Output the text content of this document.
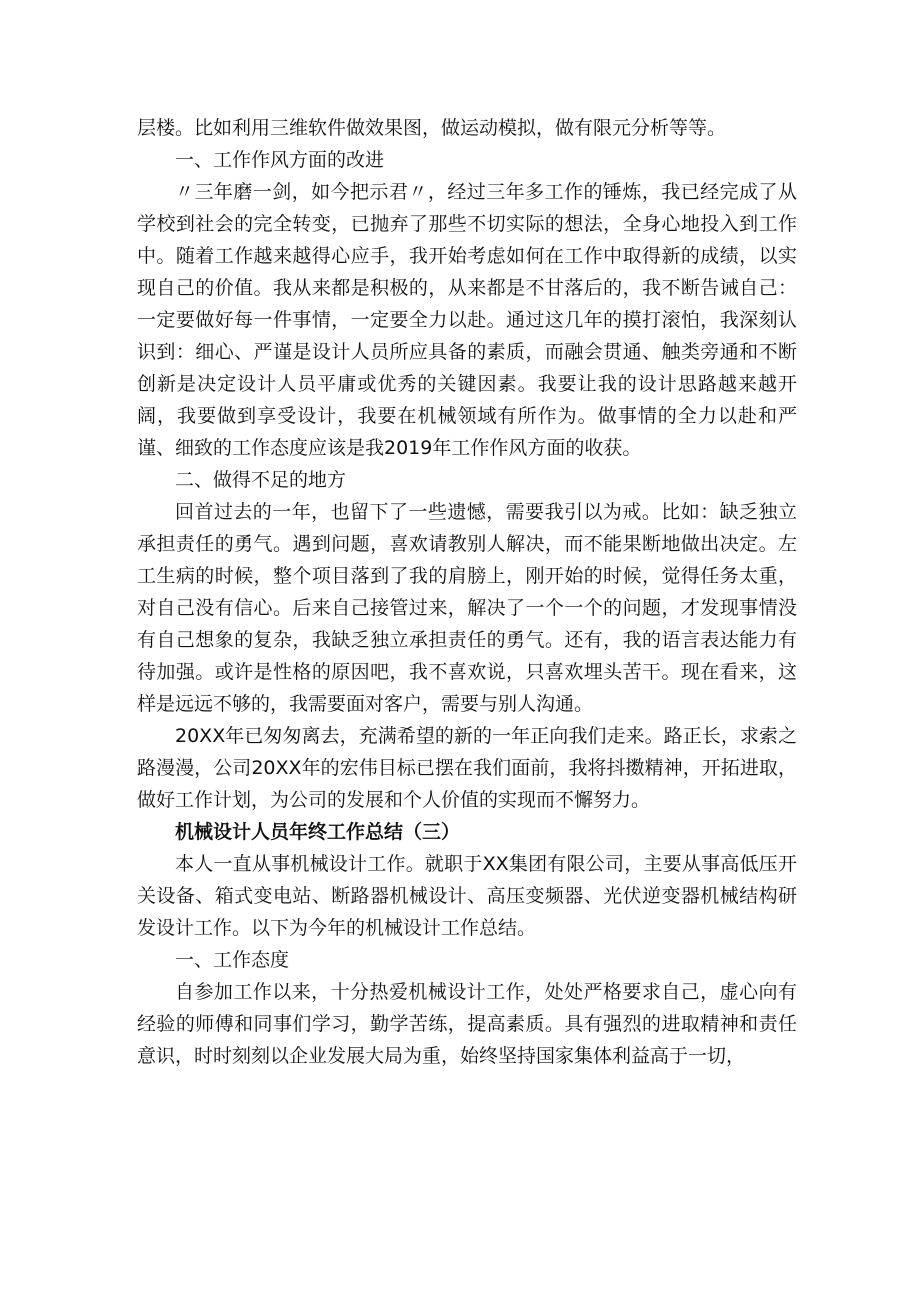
层楼。比如利用三维软件做效果图，做运动模拟，做有限元分析等等。

一、工作作风方面的改进

〃三年磨一剑，如今把示君〃，经过三年多工作的锤炼，我已经完成了从学校到社会的完全转变，已抛弃了那些不切实际的想法，全身心地投入到工作中。随着工作越来越得心应手，我开始考虑如何在工作中取得新的成绩，以实现自己的价值。我从来都是积极的，从来都是不甘落后的，我不断告诫自己：一定要做好每一件事情，一定要全力以赴。通过这几年的摸打滚怕，我深刻认识到：细心、严谨是设计人员所应具备的素质，而融会贯通、触类旁通和不断创新是决定设计人员平庸或优秀的关键因素。我要让我的设计思路越来越开阔，我要做到享受设计，我要在机械领域有所作为。做事情的全力以赴和严谨、细致的工作态度应该是我2019年工作作风方面的收获。

二、做得不足的地方

回首过去的一年，也留下了一些遗憾，需要我引以为戒。比如：缺乏独立承担责任的勇气。遇到问题，喜欢请教别人解决，而不能果断地做出决定。左工生病的时候，整个项目落到了我的肩膀上，刚开始的时候，觉得任务太重，对自己没有信心。后来自己接管过来，解决了一个一个的问题，才发现事情没有自己想象的复杂，我缺乏独立承担责任的勇气。还有，我的语言表达能力有待加强。或许是性格的原因吧，我不喜欢说，只喜欢埋头苦干。现在看来，这样是远远不够的，我需要面对客户，需要与别人沟通。

20XX年已匆匆离去，充满希望的新的一年正向我们走来。路正长，求索之路漫漫，公司20XX年的宏伟目标已摆在我们面前，我将抖擞精神，开拓进取，做好工作计划，为公司的发展和个人价值的实现而不懈努力。

机械设计人员年终工作总结（三）

本人一直从事机械设计工作。就职于XX集团有限公司，主要从事高低压开关设备、箱式变电站、断路器机械设计、高压变频器、光伏逆变器机械结构研发设计工作。以下为今年的机械设计工作总结。

一、工作态度

自参加工作以来，十分热爱机械设计工作，处处严格要求自己，虚心向有经验的师傅和同事们学习，勤学苦练，提高素质。具有强烈的进取精神和责任意识，时时刻刻以企业发展大局为重，始终坚持国家集体利益高于一切，
